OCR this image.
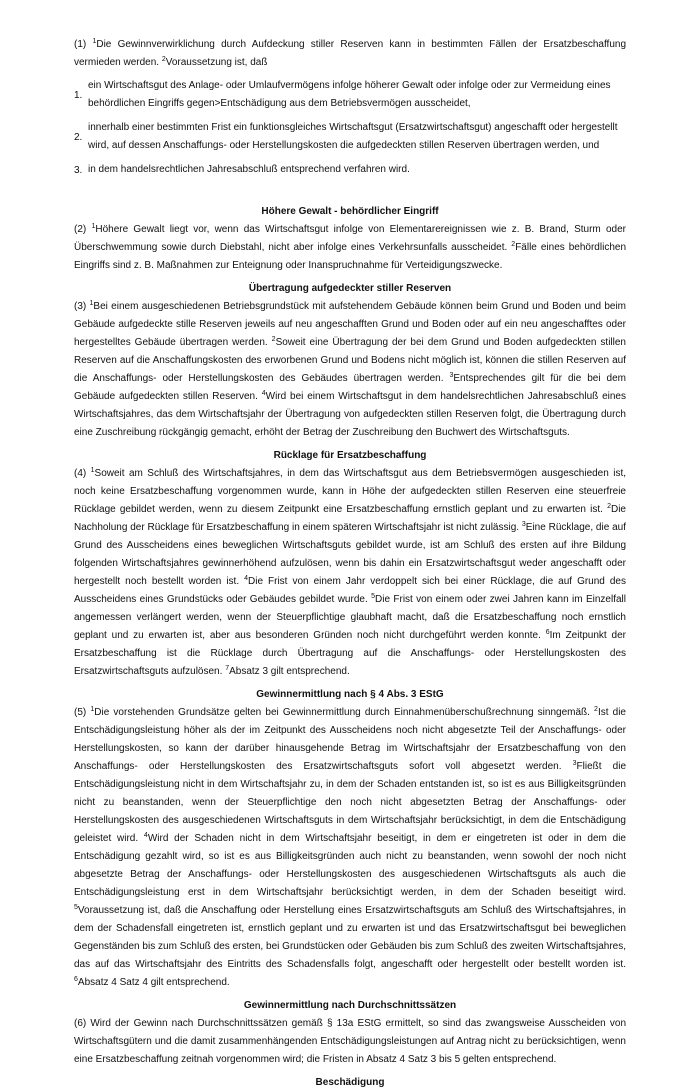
(1) $^1$Die Gewinnverwirklichung durch Aufdeckung stiller Reserven kann in bestimmten Fällen der Ersatzbeschaffung vermieden werden. $^2$Voraussetzung ist, daß

1.
ein Wirtschaftsgut des Anlage- oder Umlaufvermögens infolge höherer Gewalt oder infolge oder zur Vermeidung eines behördlichen Eingriffs gegen>Entschädigung aus dem Betriebsvermögen ausscheidet,
2.
innerhalb einer bestimmten Frist ein funktionsgleiches Wirtschaftsgut (Ersatzwirtschaftsgut) angeschafft oder hergestellt wird, auf dessen Anschaffungs- oder Herstellungskosten die aufgedeckten stillen Reserven übertragen werden, und
3. in dem handelsrechtlichen Jahresabschluß entsprechend verfahren wird.
Höhere Gewalt - behördlicher Eingriff

(2) $^1$Höhere Gewalt liegt vor, wenn das Wirtschaftsgut infolge von Elementarereignissen wie z. B. Brand, Sturm oder Überschwemmung sowie durch Diebstahl, nicht aber infolge eines Verkehrsunfalls ausscheidet. $^2$Fälle eines behördlichen Eingriffs sind z. B. Maßnahmen zur Enteignung oder Inanspruchnahme für Verteidigungszwecke.

Übertragung aufgedeckter stiller Reserven

(3) $^1$Bei einem ausgeschiedenen Betriebsgrundstück mit aufstehendem Gebäude können beim Grund und Boden und beim Gebäude aufgedeckte stille Reserven jeweils auf neu angeschafften Grund und Boden oder auf ein neu angeschafftes oder hergestelltes Gebäude übertragen werden. $^2$Soweit eine Übertragung der bei dem Grund und Boden aufgedeckten stillen Reserven auf die Anschaffungskosten des erworbenen Grund und Bodens nicht möglich ist, können die stillen Reserven auf die Anschaffungs- oder Herstellungskosten des Gebäudes übertragen werden. $^3$Entsprechendes gilt für die bei dem Gebäude aufgedeckten stillen Reserven. $^4$Wird bei einem Wirtschaftsgut in dem handelsrechtlichen Jahresabschluß eines Wirtschaftsjahres, das dem Wirtschaftsjahr der Übertragung von aufgedeckten stillen Reserven folgt, die Übertragung durch eine Zuschreibung rückgängig gemacht, erhöht der Betrag der Zuschreibung den Buchwert des Wirtschaftsguts.

Rücklage für Ersatzbeschaffung

(4) $^1$Soweit am Schluß des Wirtschaftsjahres, in dem das Wirtschaftsgut aus dem Betriebsvermögen ausgeschieden ist, noch keine Ersatzbeschaffung vorgenommen wurde, kann in Höhe der aufgedeckten stillen Reserven eine steuerfreie Rücklage gebildet werden, wenn zu diesem Zeitpunkt eine Ersatzbeschaffung ernstlich geplant und zu erwarten ist. $^2$Die Nachholung der Rücklage für Ersatzbeschaffung in einem späteren Wirtschaftsjahr ist nicht zulässig. $^3$Eine Rücklage, die auf Grund des Ausscheidens eines beweglichen Wirtschaftsguts gebildet wurde, ist am Schluß des ersten auf ihre Bildung folgenden Wirtschaftsjahres gewinnerhöhend aufzulösen, wenn bis dahin ein Ersatzwirtschaftsgut weder angeschafft oder hergestellt noch bestellt worden ist. $^4$Die Frist von einem Jahr verdoppelt sich bei einer Rücklage, die auf Grund des Ausscheidens eines Grundstücks oder Gebäudes gebildet wurde. $^5$Die Frist von einem oder zwei Jahren kann im Einzelfall angemessen verlängert werden, wenn der Steuerpflichtige glaubhaft macht, daß die Ersatzbeschaffung noch ernstlich geplant und zu erwarten ist, aber aus besonderen Gründen noch nicht durchgeführt werden konnte. $^6$Im Zeitpunkt der Ersatzbeschaffung ist die Rücklage durch Übertragung auf die Anschaffungs- oder Herstellungskosten des Ersatzwirtschaftsguts aufzulösen. $^7$Absatz 3 gilt entsprechend.

Gewinnermittlung nach § 4 Abs. 3 EStG

(5) $^1$Die vorstehenden Grundsätze gelten bei Gewinnermittlung durch Einnahmenüberschußrechnung sinngemäß. $^2$Ist die Entschädigungsleistung höher als der im Zeitpunkt des Ausscheidens noch nicht abgesetzte Teil der Anschaffungs- oder Herstellungskosten, so kann der darüber hinausgehende Betrag im Wirtschaftsjahr der Ersatzbeschaffung von den Anschaffungs- oder Herstellungskosten des Ersatzwirtschaftsguts sofort voll abgesetzt werden. $^3$Fließt die Entschädigungsleistung nicht in dem Wirtschaftsjahr zu, in dem der Schaden entstanden ist, so ist es aus Billigkeitsgründen nicht zu beanstanden, wenn der Steuerpflichtige den noch nicht abgesetzten Betrag der Anschaffungs- oder Herstellungskosten des ausgeschiedenen Wirtschaftsguts in dem Wirtschaftsjahr berücksichtigt, in dem die Entschädigung geleistet wird. $^4$Wird der Schaden nicht in dem Wirtschaftsjahr beseitigt, in dem er eingetreten ist oder in dem die Entschädigung gezahlt wird, so ist es aus Billigkeitsgründen auch nicht zu beanstanden, wenn sowohl der noch nicht abgesetzte Betrag der Anschaffungs- oder Herstellungskosten des ausgeschiedenen Wirtschaftsguts als auch die Entschädigungsleistung erst in dem Wirtschaftsjahr berücksichtigt werden, in dem der Schaden beseitigt wird. $^5$Voraussetzung ist, daß die Anschaffung oder Herstellung eines Ersatzwirtschaftsguts am Schluß des Wirtschaftsjahres, in dem der Schadensfall eingetreten ist, ernstlich geplant und zu erwarten ist und das Ersatzwirtschaftsgut bei beweglichen Gegenständen bis zum Schluß des ersten, bei Grundstücken oder Gebäuden bis zum Schluß des zweiten Wirtschaftsjahres, das auf das Wirtschaftsjahr des Eintritts des Schadensfalls folgt, angeschafft oder hergestellt oder bestellt worden ist. $^6$Absatz 4 Satz 4 gilt entsprechend.

Gewinnermittlung nach Durchschnittssätzen

(6) Wird der Gewinn nach Durchschnittssätzen gemäß § 13a EStG ermittelt, so sind das zwangsweise Ausscheiden von Wirtschaftsgütern und die damit zusammenhängenden Entschädigungsleistungen auf Antrag nicht zu berücksichtigen, wenn eine Ersatzbeschaffung zeitnah vorgenommen wird; die Fristen in Absatz 4 Satz 3 bis 5 gelten entsprechend.

Beschädigung
